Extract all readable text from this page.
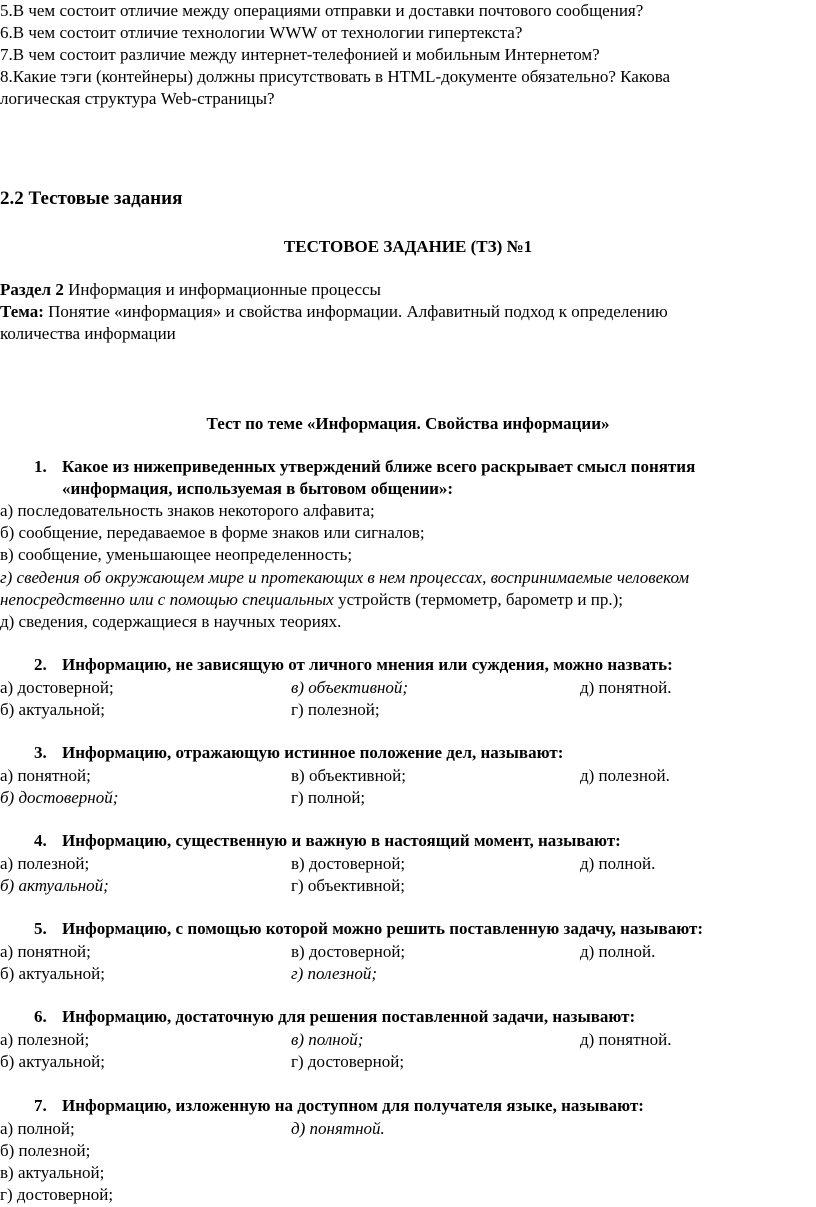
5.В чем состоит отличие между операциями отправки и доставки почтового сообщения?
6.В чем состоит отличие технологии WWW от технологии гипертекста?
7.В чем состоит различие между интернет-телефонией и мобильным Интернетом?
8.Какие тэги (контейнеры) должны присутствовать в HTML-документе обязательно? Какова
логическая структура Web-страницы?
2.2 Тестовые задания
ТЕСТОВОЕ ЗАДАНИЕ (ТЗ) №1
Раздел 2 Информация и информационные процессы
Тема: Понятие «информация» и свойства информации. Алфавитный подход к определению
количества информации
Тест по теме «Информация. Свойства информации»
1. Какое из нижеприведенных утверждений ближе всего раскрывает смысл понятия
«информация, используемая в бытовом общении»:
а) последовательность знаков некоторого алфавита;
б) сообщение, передаваемое в форме знаков или сигналов;
в) сообщение, уменьшающее неопределенность;
г) сведения об окружающем мире и протекающих в нем процессах, воспринимаемые человеком
непосредственно или с помощью специальных устройств (термометр, барометр и пр.);
д) сведения, содержащиеся в научных теориях.
2. Информацию, не зависящую от личного мнения или суждения, можно назвать:
а) достоверной;	в) объективной;	д) понятной.
б) актуальной;	г) полезной;
3. Информацию, отражающую истинное положение дел, называют:
а) понятной;	в) объективной;	д) полезной.
б) достоверной;	г) полной;
4. Информацию, существенную и важную в настоящий момент, называют:
а) полезной;	в) достоверной;	д) полной.
б) актуальной;	г) объективной;
5. Информацию, с помощью которой можно решить поставленную задачу, называют:
а) понятной;	в) достоверной;	д) полной.
б) актуальной;	г) полезной;
6. Информацию, достаточную для решения поставленной задачи, называют:
а) полезной;	в) полной;	д) понятной.
б) актуальной;	г) достоверной;
7. Информацию, изложенную на доступном для получателя языке, называют:
а) полной;	д) понятной.
б) полезной;
в) актуальной;
г) достоверной;
